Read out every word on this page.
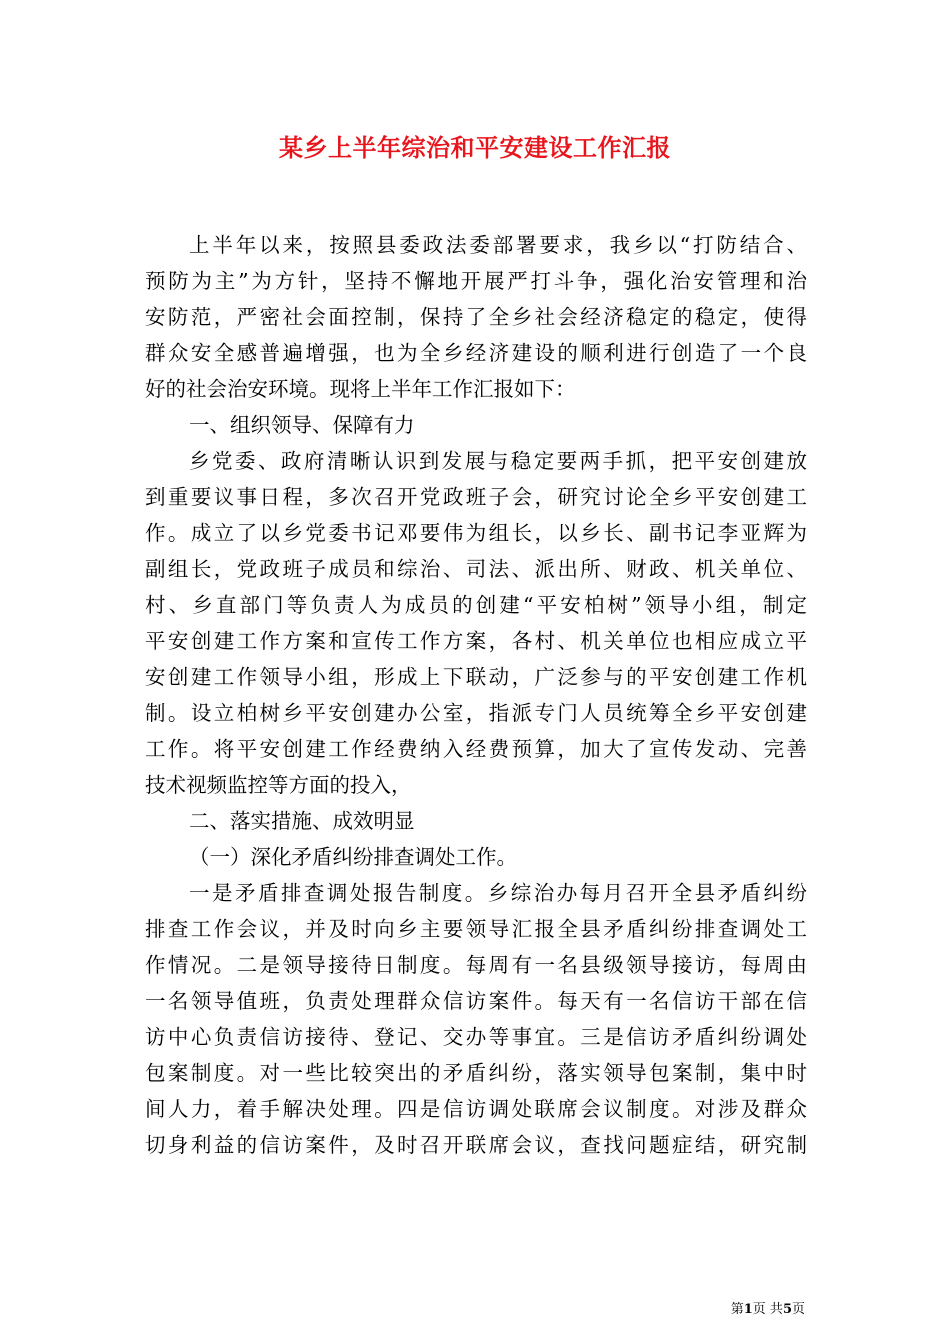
某乡上半年综治和平安建设工作汇报
上半年以来，按照县委政法委部署要求，我乡以“打防结合、
预防为主”为方针，坚持不懈地开展严打斗争，强化治安管理和治
安防范，严密社会面控制，保持了全乡社会经济稳定的稳定，使得
群众安全感普遍增强，也为全乡经济建设的顺利进行创造了一个良
好的社会治安环境。现将上半年工作汇报如下：
一、组织领导、保障有力
乡党委、政府清晰认识到发展与稳定要两手抓，把平安创建放
到重要议事日程，多次召开党政班子会，研究讨论全乡平安创建工
作。成立了以乡党委书记邓要伟为组长，以乡长、副书记李亚辉为
副组长，党政班子成员和综治、司法、派出所、财政、机关单位、
村、乡直部门等负责人为成员的创建“平安柏树”领导小组，制定
平安创建工作方案和宣传工作方案，各村、机关单位也相应成立平
安创建工作领导小组，形成上下联动，广泛参与的平安创建工作机
制。设立柏树乡平安创建办公室，指派专门人员统筹全乡平安创建
工作。将平安创建工作经费纳入经费预算，加大了宣传发动、完善
技术视频监控等方面的投入，
二、落实措施、成效明显
（一）深化矛盾纠纷排查调处工作。
一是矛盾排查调处报告制度。乡综治办每月召开全县矛盾纠纷
排查工作会议，并及时向乡主要领导汇报全县矛盾纠纷排查调处工
作情况。二是领导接待日制度。每周有一名县级领导接访，每周由
一名领导值班，负责处理群众信访案件。每天有一名信访干部在信
访中心负责信访接待、登记、交办等事宜。三是信访矛盾纠纷调处
包案制度。对一些比较突出的矛盾纠纷，落实领导包案制，集中时
间人力，着手解决处理。四是信访调处联席会议制度。对涉及群众
切身利益的信访案件，及时召开联席会议，查找问题症结，研究制
第1页 共5页
